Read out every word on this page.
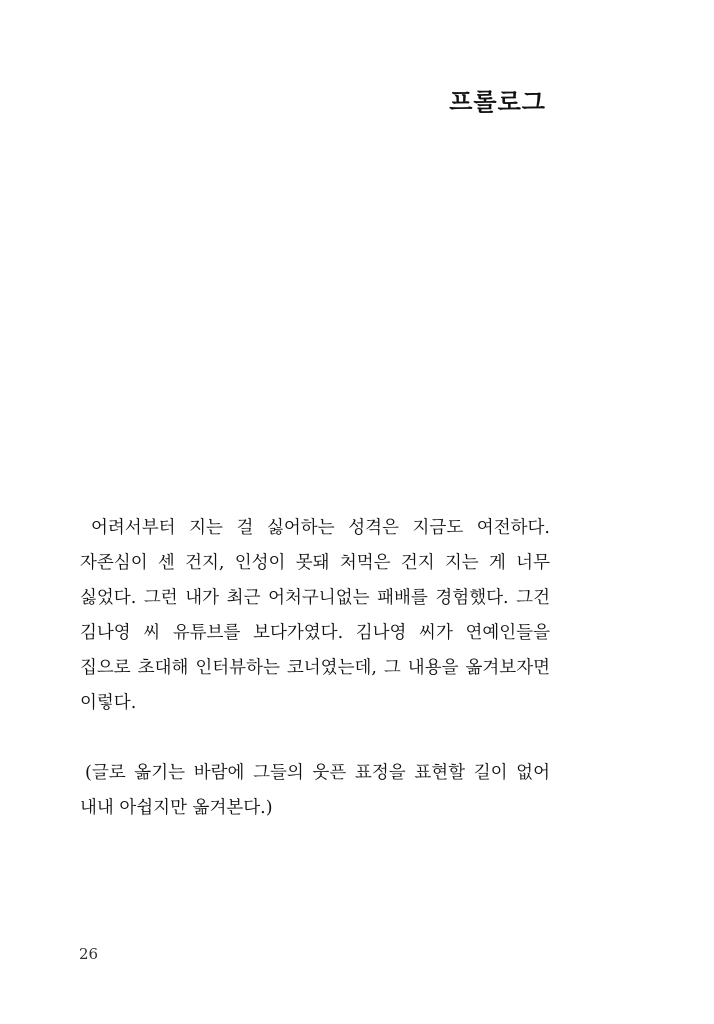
프롤로그

어려서부터 지는 걸 싫어하는 성격은 지금도 여전하다. 자존심이 센 건지, 인성이 못돼 처먹은 건지 지는 게 너무 싫었다. 그런 내가 최근 어처구니없는 패배를 경험했다. 그건 김나영 씨 유튜브를 보다가였다. 김나영 씨가 연예인들을 집으로 초대해 인터뷰하는 코너였는데, 그 내용을 옮겨보자면 이렇다.

(글로 옮기는 바람에 그들의 웃픈 표정을 표현할 길이 없어 내내 아쉽지만 옮겨본다.)

26
